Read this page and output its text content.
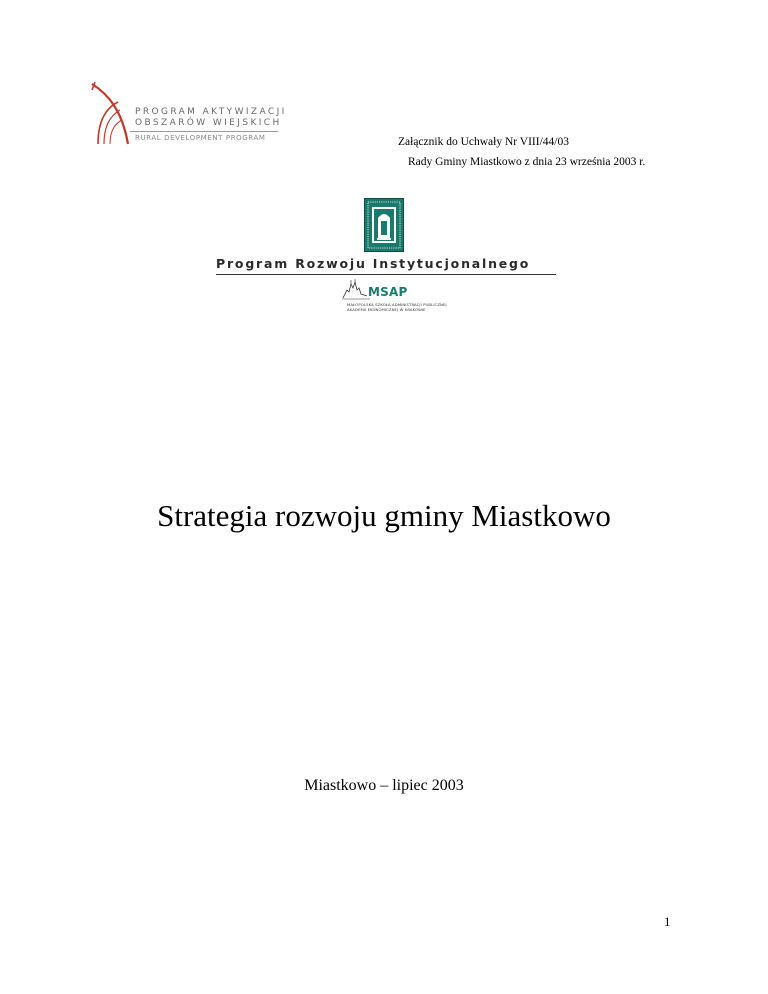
PROGRAM AKTYWIZACJI
OBSZARÓW WIEJSKICH
RURAL DEVELOPMENT PROGRAM	Załącznik do Uchwały Nr VIII/44/03
Rady Gminy Miastkowo z dnia 23 września 2003 r.
Program Rozwoju Instytucjonalnego
MSAP
MAŁOPOLSKA SZKOŁA ADMINISTRACJI PUBLICZNEJ
AKADEMII EKONOMICZNEJ W KRAKOWIE
Strategia rozwoju gminy Miastkowo
Miastkowo – lipiec 2003
1
